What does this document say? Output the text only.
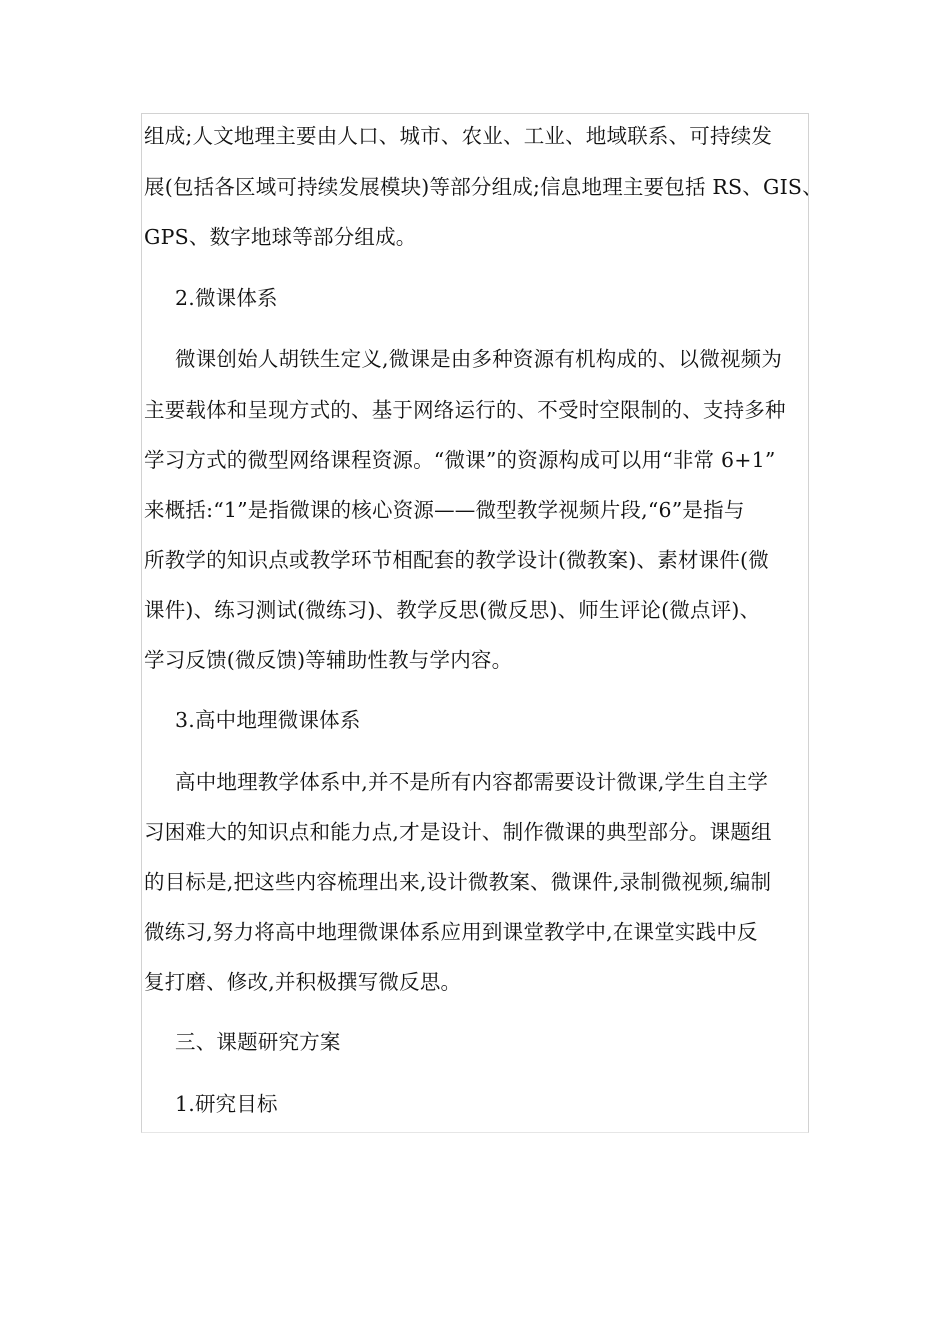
组成;人文地理主要由人口、城市、农业、工业、地域联系、可持续发
展(包括各区域可持续发展模块)等部分组成;信息地理主要包括 RS、GIS、
GPS、数字地球等部分组成。
2.微课体系
微课创始人胡铁生定义,微课是由多种资源有机构成的、以微视频为
主要载体和呈现方式的、基于网络运行的、不受时空限制的、支持多种
学习方式的微型网络课程资源。“微课”的资源构成可以用“非常 6+1”
来概括:“1”是指微课的核心资源——微型教学视频片段,“6”是指与
所教学的知识点或教学环节相配套的教学设计(微教案)、素材课件(微
课件)、练习测试(微练习)、教学反思(微反思)、师生评论(微点评)、
学习反馈(微反馈)等辅助性教与学内容。
3.高中地理微课体系
高中地理教学体系中,并不是所有内容都需要设计微课,学生自主学
习困难大的知识点和能力点,才是设计、制作微课的典型部分。课题组
的目标是,把这些内容梳理出来,设计微教案、微课件,录制微视频,编制
微练习,努力将高中地理微课体系应用到课堂教学中,在课堂实践中反
复打磨、修改,并积极撰写微反思。
三、课题研究方案
1.研究目标
